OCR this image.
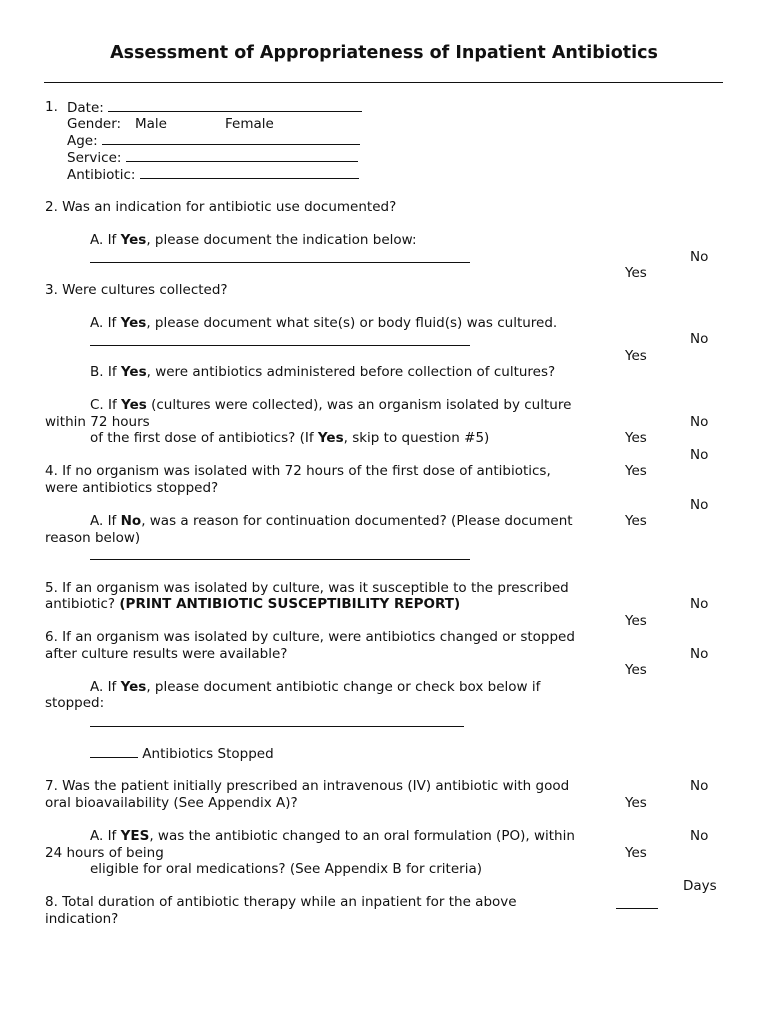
Assessment of Appropriateness of Inpatient Antibiotics
1. Date:
Gender: Male	Female
Age:
Service:
Antibiotic:
2. Was an indication for antibiotic use documented?
A. If Yes, please document the indication below:
No
Yes
3. Were cultures collected?
A. If Yes, please document what site(s) or body fluid(s) was cultured.
No
Yes
B. If Yes, were antibiotics administered before collection of cultures?
C. If Yes (cultures were collected), was an organism isolated by culture
within 72 hours	No
of the first dose of antibiotics? (If Yes, skip to question #5)	Yes
No
4. If no organism was isolated with 72 hours of the first dose of antibiotics,	Yes
were antibiotics stopped?
No
A. If No, was a reason for continuation documented? (Please document	Yes
reason below)
5. If an organism was isolated by culture, was it susceptible to the prescribed
antibiotic? (PRINT ANTIBIOTIC SUSCEPTIBILITY REPORT)	No
Yes
6. If an organism was isolated by culture, were antibiotics changed or stopped
after culture results were available?	No
Yes
A. If Yes, please document antibiotic change or check box below if
stopped:
Antibiotics Stopped
7. Was the patient initially prescribed an intravenous (IV) antibiotic with good	No
oral bioavailability (See Appendix A)?	Yes
A. If YES, was the antibiotic changed to an oral formulation (PO), within	No
24 hours of being	Yes
eligible for oral medications? (See Appendix B for criteria)
Days
8. Total duration of antibiotic therapy while an inpatient for the above
indication?
